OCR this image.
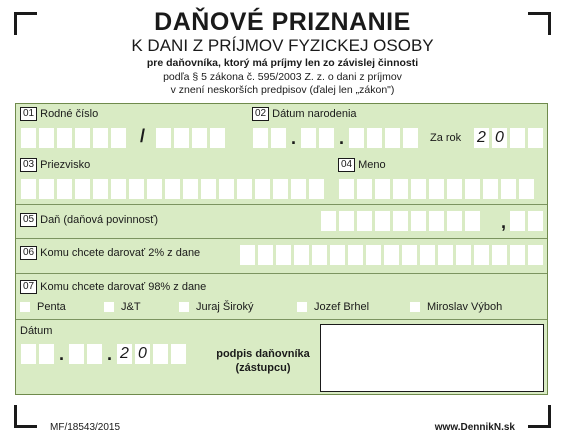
DAŇOVÉ PRIZNANIE
K DANI Z PRÍJMOV FYZICKEJ OSOBY
pre daňovníka, ktorý má príjmy len zo závislej činnosti
podľa § 5 zákona č. 595/2003 Z. z. o dani z príjmov
v znení neskorších predpisov (ďalej len „zákon")
01 Rodné číslo
/
02 Dátum narodenia
. .	Za rok 2 0
03 Priezvisko	04 Meno
05 Daň (daňová povinnosť)	,
06 Komu chcete darovať 2% z dane
07 Komu chcete darovať 98% z dane
Penta	J&T	Juraj Široký	Jozef Brhel	Miroslav Výboh
Dátum
. . 2 0	podpis daňovníka
(zástupcu)
MF/18543/2015	www.DennikN.sk
